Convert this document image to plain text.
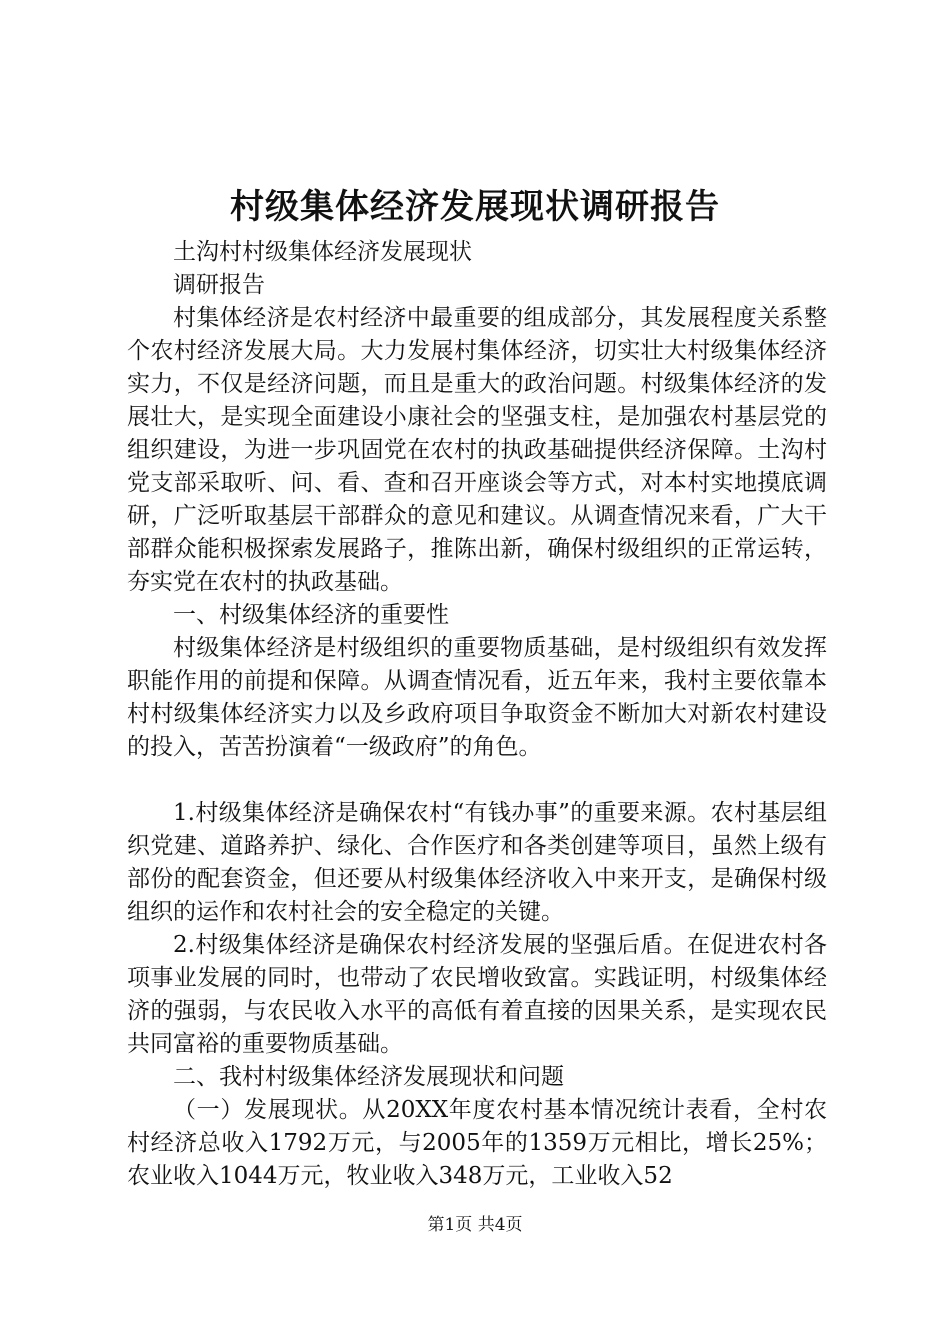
村级集体经济发展现状调研报告

土沟村村级集体经济发展现状

调研报告

村集体经济是农村经济中最重要的组成部分，其发展程度关系整个农村经济发展大局。大力发展村集体经济，切实壮大村级集体经济实力，不仅是经济问题，而且是重大的政治问题。村级集体经济的发展壮大，是实现全面建设小康社会的坚强支柱，是加强农村基层党的组织建设，为进一步巩固党在农村的执政基础提供经济保障。土沟村党支部采取听、问、看、查和召开座谈会等方式，对本村实地摸底调研，广泛听取基层干部群众的意见和建议。从调查情况来看，广大干部群众能积极探索发展路子，推陈出新，确保村级组织的正常运转，夯实党在农村的执政基础。

一、村级集体经济的重要性

村级集体经济是村级组织的重要物质基础，是村级组织有效发挥职能作用的前提和保障。从调查情况看，近五年来，我村主要依靠本村村级集体经济实力以及乡政府项目争取资金不断加大对新农村建设的投入，苦苦扮演着“一级政府”的角色。

1.村级集体经济是确保农村“有钱办事”的重要来源。农村基层组织党建、道路养护、绿化、合作医疗和各类创建等项目，虽然上级有部份的配套资金，但还要从村级集体经济收入中来开支，是确保村级组织的运作和农村社会的安全稳定的关键。

2.村级集体经济是确保农村经济发展的坚强后盾。在促进农村各项事业发展的同时，也带动了农民增收致富。实践证明，村级集体经济的强弱，与农民收入水平的高低有着直接的因果关系，是实现农民共同富裕的重要物质基础。

二、我村村级集体经济发展现状和问题

（一）发展现状。从20XX年度农村基本情况统计表看，全村农村经济总收入1792万元，与2005年的1359万元相比，增长25%；农业收入1044万元，牧业收入348万元，工业收入52

第1页 共4页
